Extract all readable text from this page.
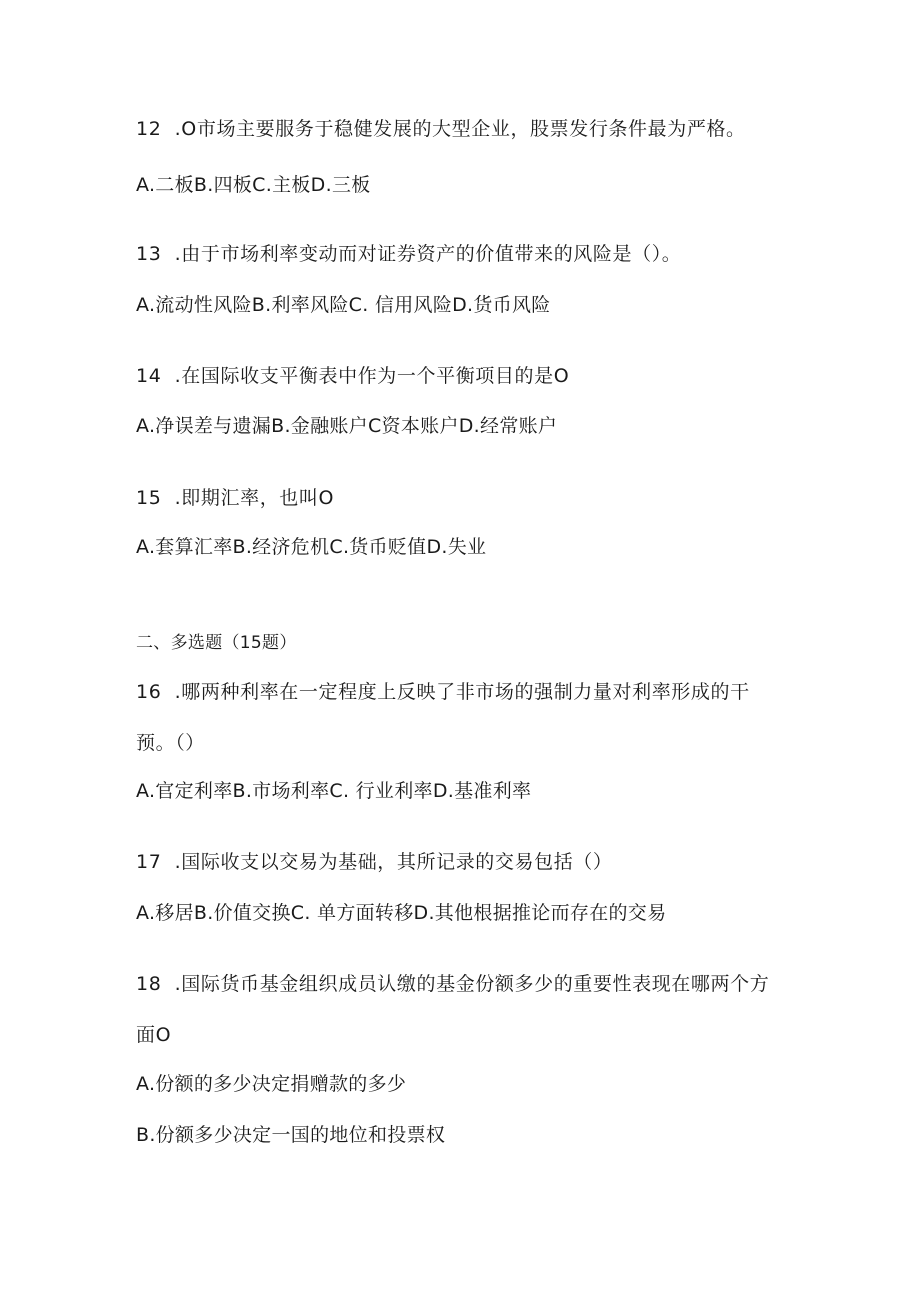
12  .O市场主要服务于稳健发展的大型企业，股票发行条件最为严格。
A.二板B.四板C.主板D.三板
13  .由于市场利率变动而对证券资产的价值带来的风险是（）。
A.流动性风险B.利率风险C. 信用风险D.货币风险
14  .在国际收支平衡表中作为一个平衡项目的是O
A.净误差与遗漏B.金融账户C资本账户D.经常账户
15  .即期汇率，也叫O
A.套算汇率B.经济危机C.货币贬值D.失业
二、多选题（15题）
16  .哪两种利率在一定程度上反映了非市场的强制力量对利率形成的干
预。（）
A.官定利率B.市场利率C. 行业利率D.基准利率
17  .国际收支以交易为基础，其所记录的交易包括（）
A.移居B.价值交换C. 单方面转移D.其他根据推论而存在的交易
18  .国际货币基金组织成员认缴的基金份额多少的重要性表现在哪两个方
面O
A.份额的多少决定捐赠款的多少
B.份额多少决定一国的地位和投票权
